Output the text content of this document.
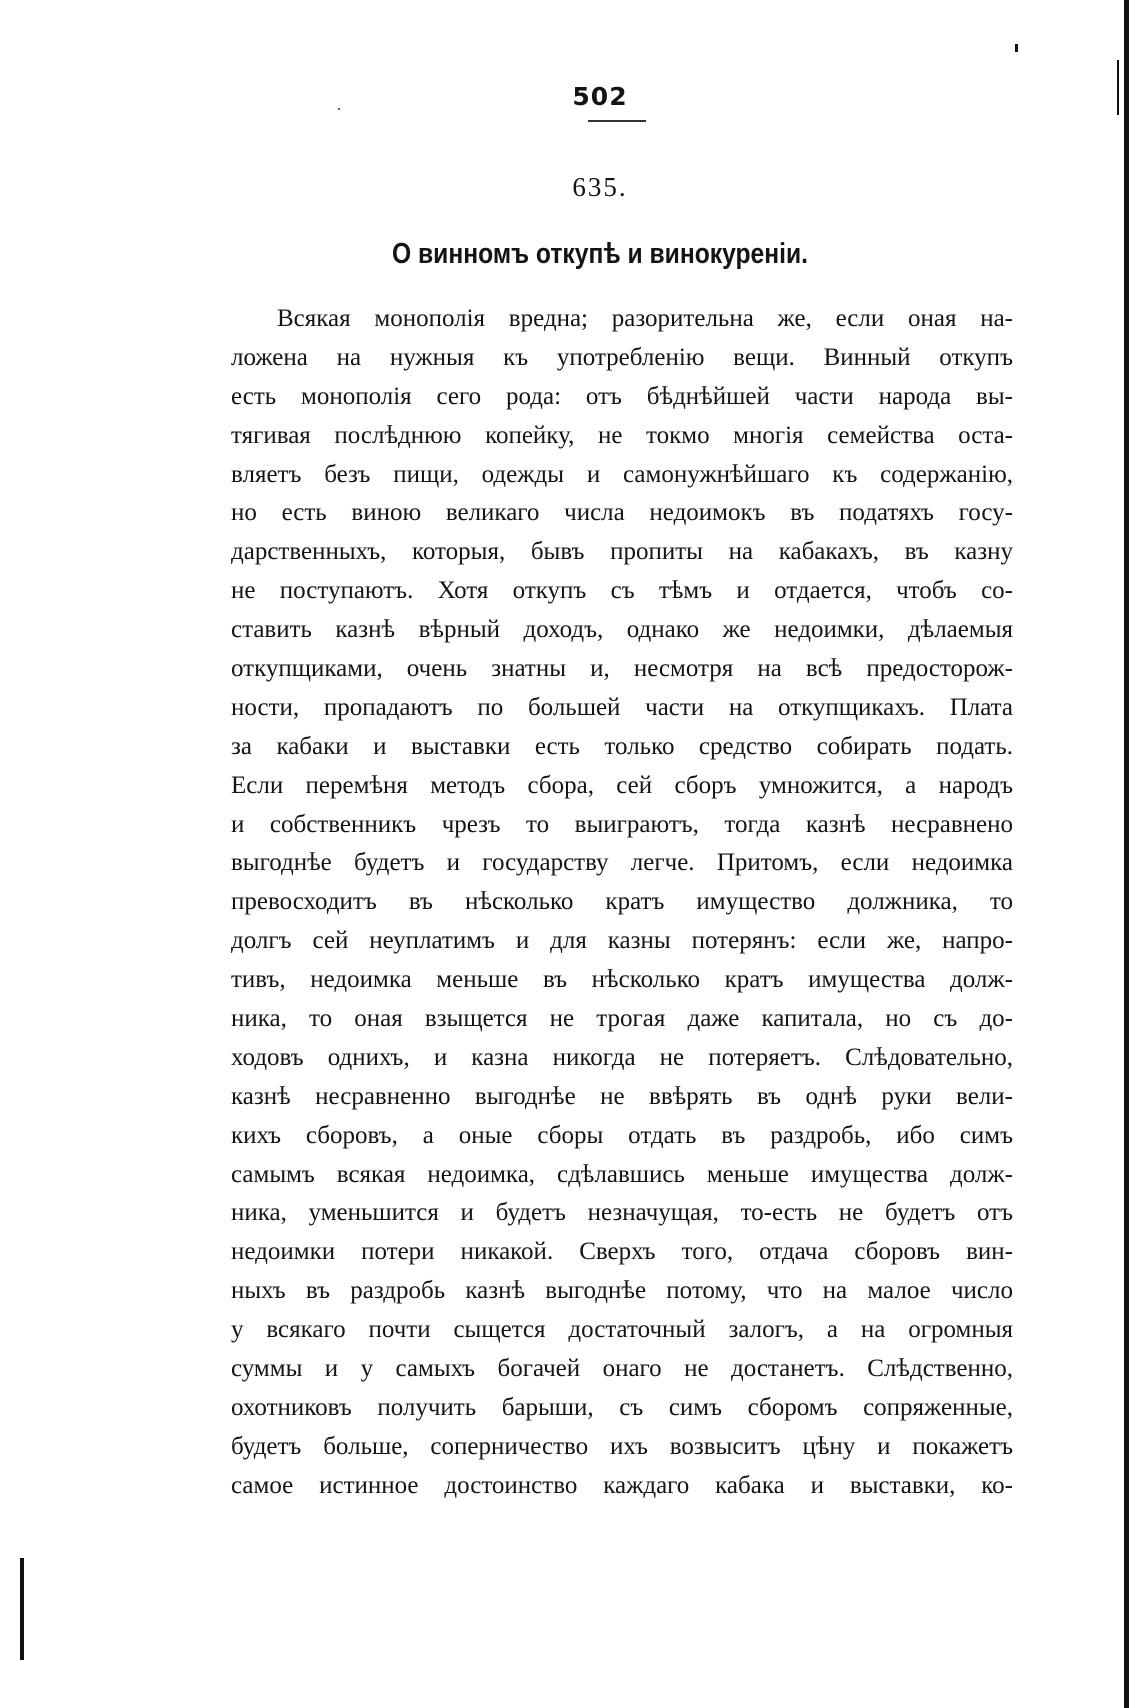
502
635.
О винномъ откупѣ и винокуреніи.
Всякая монополія вредна; разорительна же, если оная на-
ложена на нужныя къ употребленію вещи. Винный откупъ
есть монополія сего рода: отъ бѣднѣйшей части народа вы-
тягивая послѣднюю копейку, не токмо многія семейства оста-
вляетъ безъ пищи, одежды и самонужнѣйшаго къ содержанію,
но есть виною великаго числа недоимокъ въ податяхъ госу-
дарственныхъ, которыя, бывъ пропиты на кабакахъ, въ казну
не поступаютъ. Хотя откупъ съ тѣмъ и отдается, чтобъ со-
ставить казнѣ вѣрный доходъ, однако же недоимки, дѣлаемыя
откупщиками, очень знатны и, несмотря на всѣ предосторож-
ности, пропадаютъ по большей части на откупщикахъ. Плата
за кабаки и выставки есть только средство собирать подать.
Если перемѣня методъ сбора, сей сборъ умножится, а народъ
и собственникъ чрезъ то выиграютъ, тогда казнѣ несравнено
выгоднѣе будетъ и государству легче. Притомъ, если недоимка
превосходитъ въ нѣсколько кратъ имущество должника, то
долгъ сей неуплатимъ и для казны потерянъ: если же, напро-
тивъ, недоимка меньше въ нѣсколько кратъ имущества долж-
ника, то оная взыщется не трогая даже капитала, но съ до-
ходовъ однихъ, и казна никогда не потеряетъ. Слѣдовательно,
казнѣ несравненно выгоднѣе не ввѣрять въ однѣ руки вели-
кихъ сборовъ, а оные сборы отдать въ раздробь, ибо симъ
самымъ всякая недоимка, сдѣлавшись меньше имущества долж-
ника, уменьшится и будетъ незначущая, то-есть не будетъ отъ
недоимки потери никакой. Сверхъ того, отдача сборовъ вин-
ныхъ въ раздробь казнѣ выгоднѣе потому, что на малое число
у всякаго почти сыщется достаточный залогъ, а на огромныя
суммы и у самыхъ богачей онаго не достанетъ. Слѣдственно,
охотниковъ получить барыши, съ симъ сборомъ сопряженные,
будетъ больше, соперничество ихъ возвыситъ цѣну и покажетъ
самое истинное достоинство каждаго кабака и выставки, ко-
